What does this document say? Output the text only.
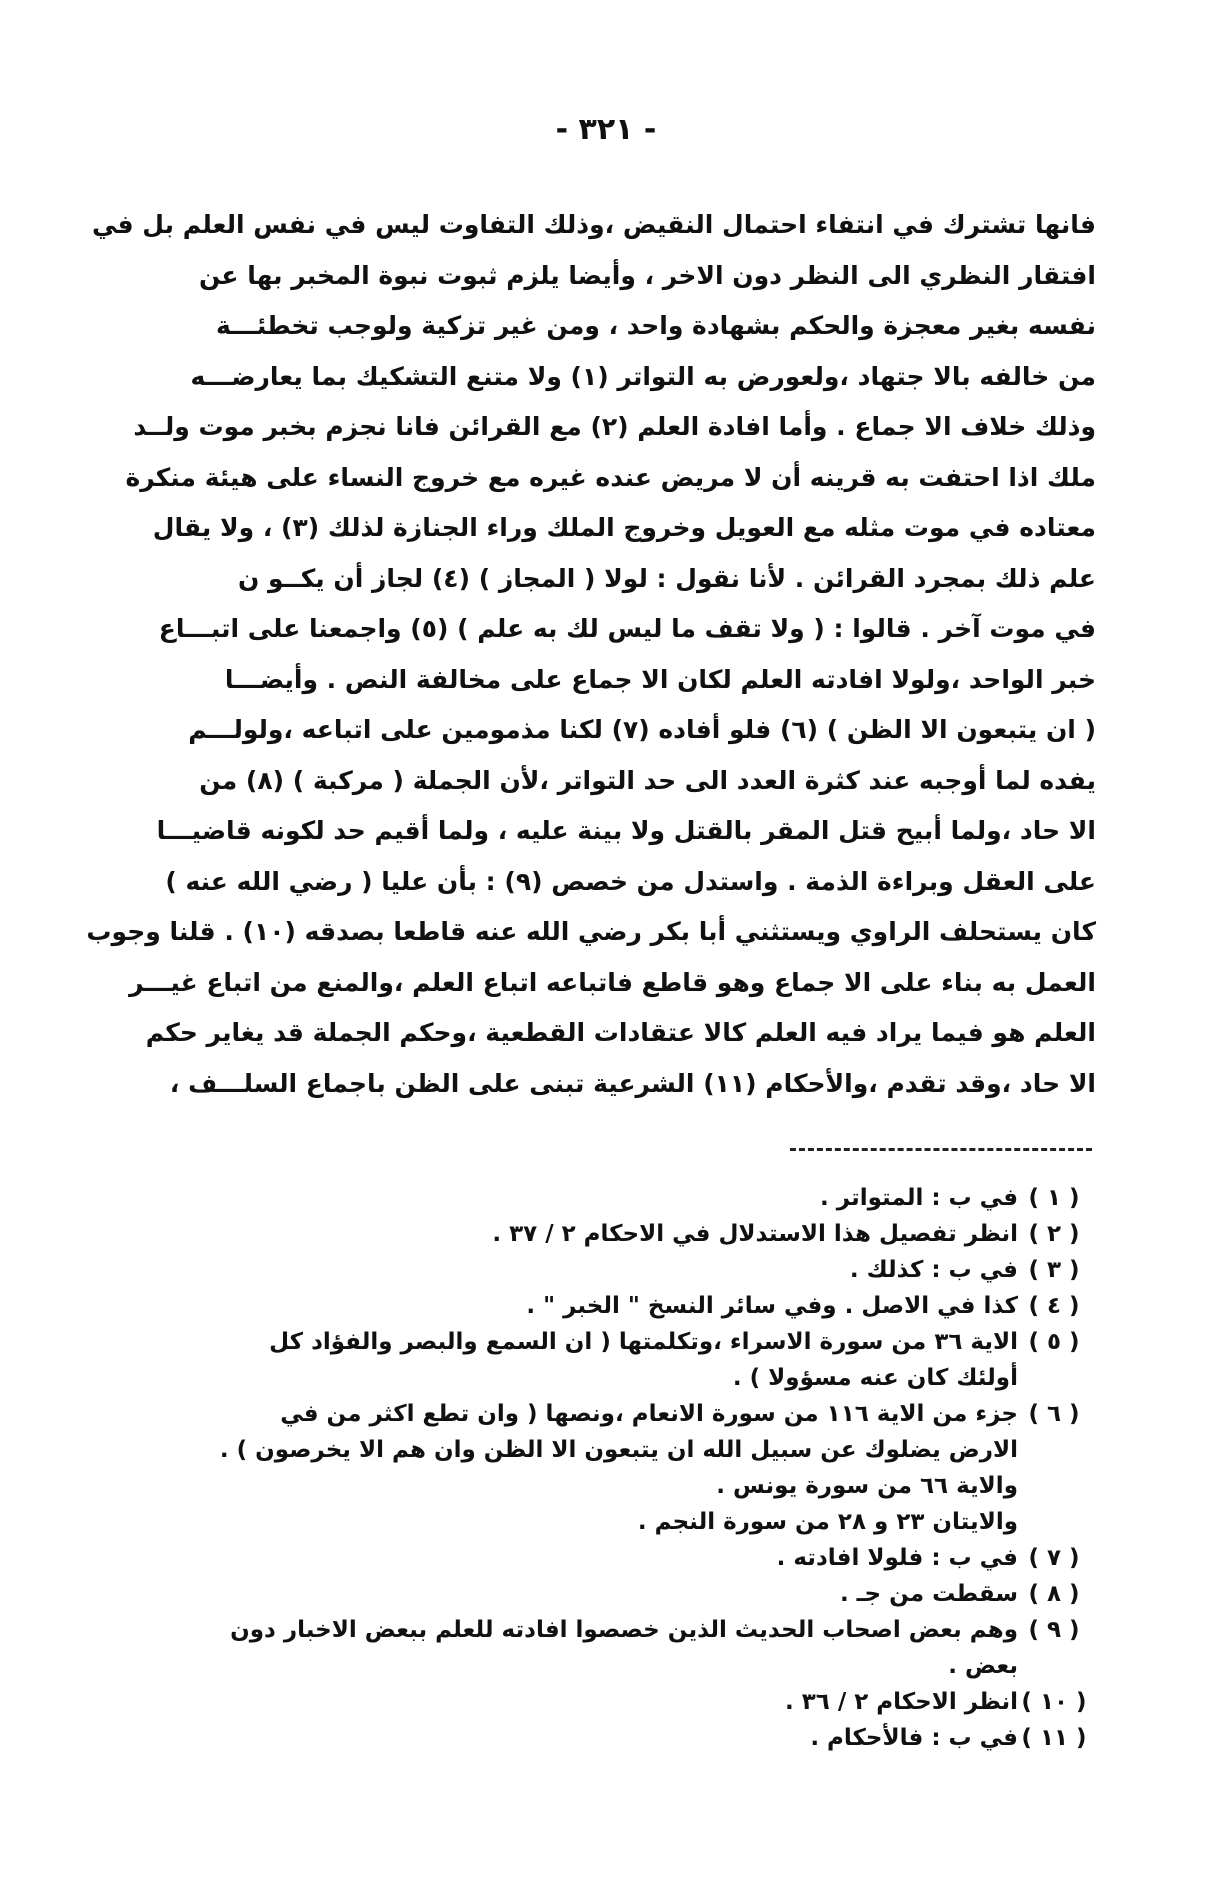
- ٣٢١ -
فانها تشترك في انتفاء احتمال النقيض ،وذلك التفاوت ليس في نفس العلم بل في
افتقار النظري الى النظر دون الاخر ، وأيضا يلزم ثبوت نبوة المخبر بها عن
نفسه بغير معجزة والحكم بشهادة واحد ، ومن غير تزكية ولوجب تخطئـــة
من خالفه بالا جتهاد ،ولعورض به التواتر (١) ولا متنع التشكيك بما يعارضـــه
وذلك خلاف الا جماع . وأما افادة العلم (٢) مع القرائن فانا نجزم بخبر موت ولــد
ملك اذا احتفت به قرينه أن لا مريض عنده غيره مع خروج النساء على هيئة منكرة
معتاده في موت مثله مع العويل وخروج الملك وراء الجنازة لذلك (٣) ، ولا يقال
علم ذلك بمجرد القرائن . لأنا نقول : لولا ( المجاز ) (٤) لجاز أن يكــو ن
في موت آخر . قالوا : ( ولا تقف ما ليس لك به علم ) (٥) واجمعنا على اتبـــاع
خبر الواحد ،ولولا افادته العلم لكان الا جماع على مخالفة النص . وأيضـــا
( ان يتبعون الا الظن ) (٦) فلو أفاده (٧) لكنا مذمومين على اتباعه ،ولولـــم
يفده لما أوجبه عند كثرة العدد الى حد التواتر ،لأن الجملة ( مركبة ) (٨) من
الا حاد ،ولما أبيح قتل المقر بالقتل ولا بينة عليه ، ولما أقيم حد لكونه قاضيـــا
على العقل وبراءة الذمة . واستدل من خصص (٩) : بأن عليا ( رضي الله عنه )
كان يستحلف الراوي ويستثني أبا بكر رضي الله عنه قاطعا بصدقه (١٠) . قلنا وجوب
العمل به بناء على الا جماع وهو قاطع فاتباعه اتباع العلم ،والمنع من اتباع غيـــر
العلم هو فيما يراد فيه العلم كالا عتقادات القطعية ،وحكم الجملة قد يغاير حكم
الا حاد ،وقد تقدم ،والأحكام (١١) الشرعية تبنى على الظن باجماع السلـــف ،
( ١ )
في ب : المتواتر .
( ٢ )
انظر تفصيل هذا الاستدلال في الاحكام ٢ / ٣٧ .
( ٣ )
في ب : كذلك .
( ٤ )
كذا في الاصل . وفي سائر النسخ " الخبر " .
( ٥ )
الاية ٣٦ من سورة الاسراء ،وتكلمتها ( ان السمع والبصر والفؤاد كل
أولئك كان عنه مسؤولا ) .
( ٦ )
جزء من الاية ١١٦ من سورة الانعام ،ونصها ( وان تطع اكثر من في
الارض يضلوك عن سبيل الله ان يتبعون الا الظن وان هم الا يخرصون ) .
والاية ٦٦ من سورة يونس .
والايتان ٢٣ و ٢٨ من سورة النجم .
( ٧ )
في ب : فلولا افادته .
( ٨ )
سقطت من جـ .
( ٩ )
وهم بعض اصحاب الحديث الذين خصصوا افادته للعلم ببعض الاخبار دون
بعض .
( ١٠ )
انظر الاحكام ٢ / ٣٦ .
( ١١ )
في ب : فالأحكام .
